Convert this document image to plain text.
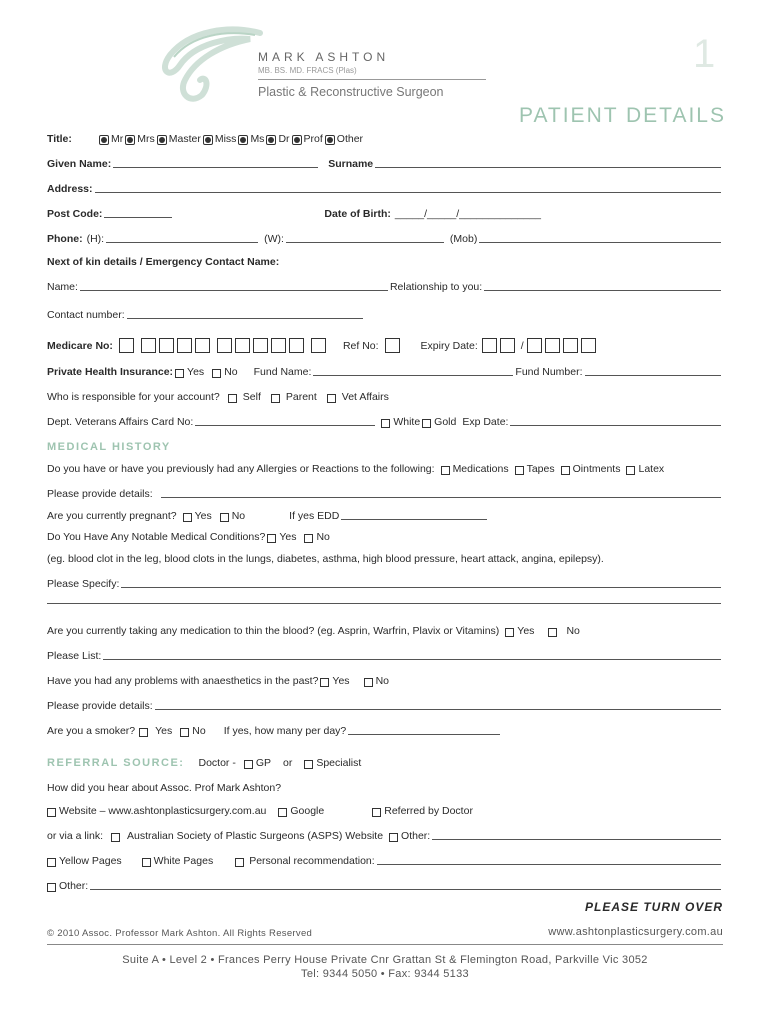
MARK ASHTON
MB. BS. MD. FRACS (Plas)
Plastic & Reconstructive Surgeon
1
PATIENT DETAILS
Title:	Mr Mrs Master Miss Ms Dr Prof Other
Given Name:	Surname
Address:
Post Code:	Date of Birth: _____/_____/______________
Phone: (H):	(W):	(Mob)
Next of kin details / Emergency Contact Name:
Name:	Relationship to you:
Contact number:
Medicare No:	Ref No:	Expiry Date:	/
Private Health Insurance: Yes No Fund Name:	Fund Number:
Who is responsible for your account? Self Parent Vet Affairs
Dept. Veterans Affairs Card No:	White Gold Exp Date:
MEDICAL HISTORY
Do you have or have you previously had any Allergies or Reactions to the following: Medications Tapes Ointments Latex
Please provide details:
Are you currently pregnant? Yes No	If yes EDD
Do You Have Any Notable Medical Conditions? Yes No
(eg. blood clot in the leg, blood clots in the lungs, diabetes, asthma, high blood pressure, heart attack, angina, epilepsy).
Please Specify:
Are you currently taking any medication to thin the blood? (eg. Asprin, Warfrin, Plavix or Vitamins) Yes	No
Please List:
Have you had any problems with anaesthetics in the past? Yes No
Please provide details:
Are you a smoker? Yes No If yes, how many per day?
REFERRAL SOURCE: Doctor - GP or Specialist
How did you hear about Assoc. Prof Mark Ashton?
Website – www.ashtonplasticsurgery.com.au Google	Referred by Doctor
or via a link: Australian Society of Plastic Surgeons (ASPS) Website Other:
Yellow Pages	White Pages	Personal recommendation:
Other:
PLEASE TURN OVER
© 2010 Assoc. Professor Mark Ashton. All Rights Reserved	www.ashtonplasticsurgery.com.au
Suite A • Level 2 • Frances Perry House Private Cnr Grattan St & Flemington Road, Parkville Vic 3052
Tel: 9344 5050 • Fax: 9344 5133
